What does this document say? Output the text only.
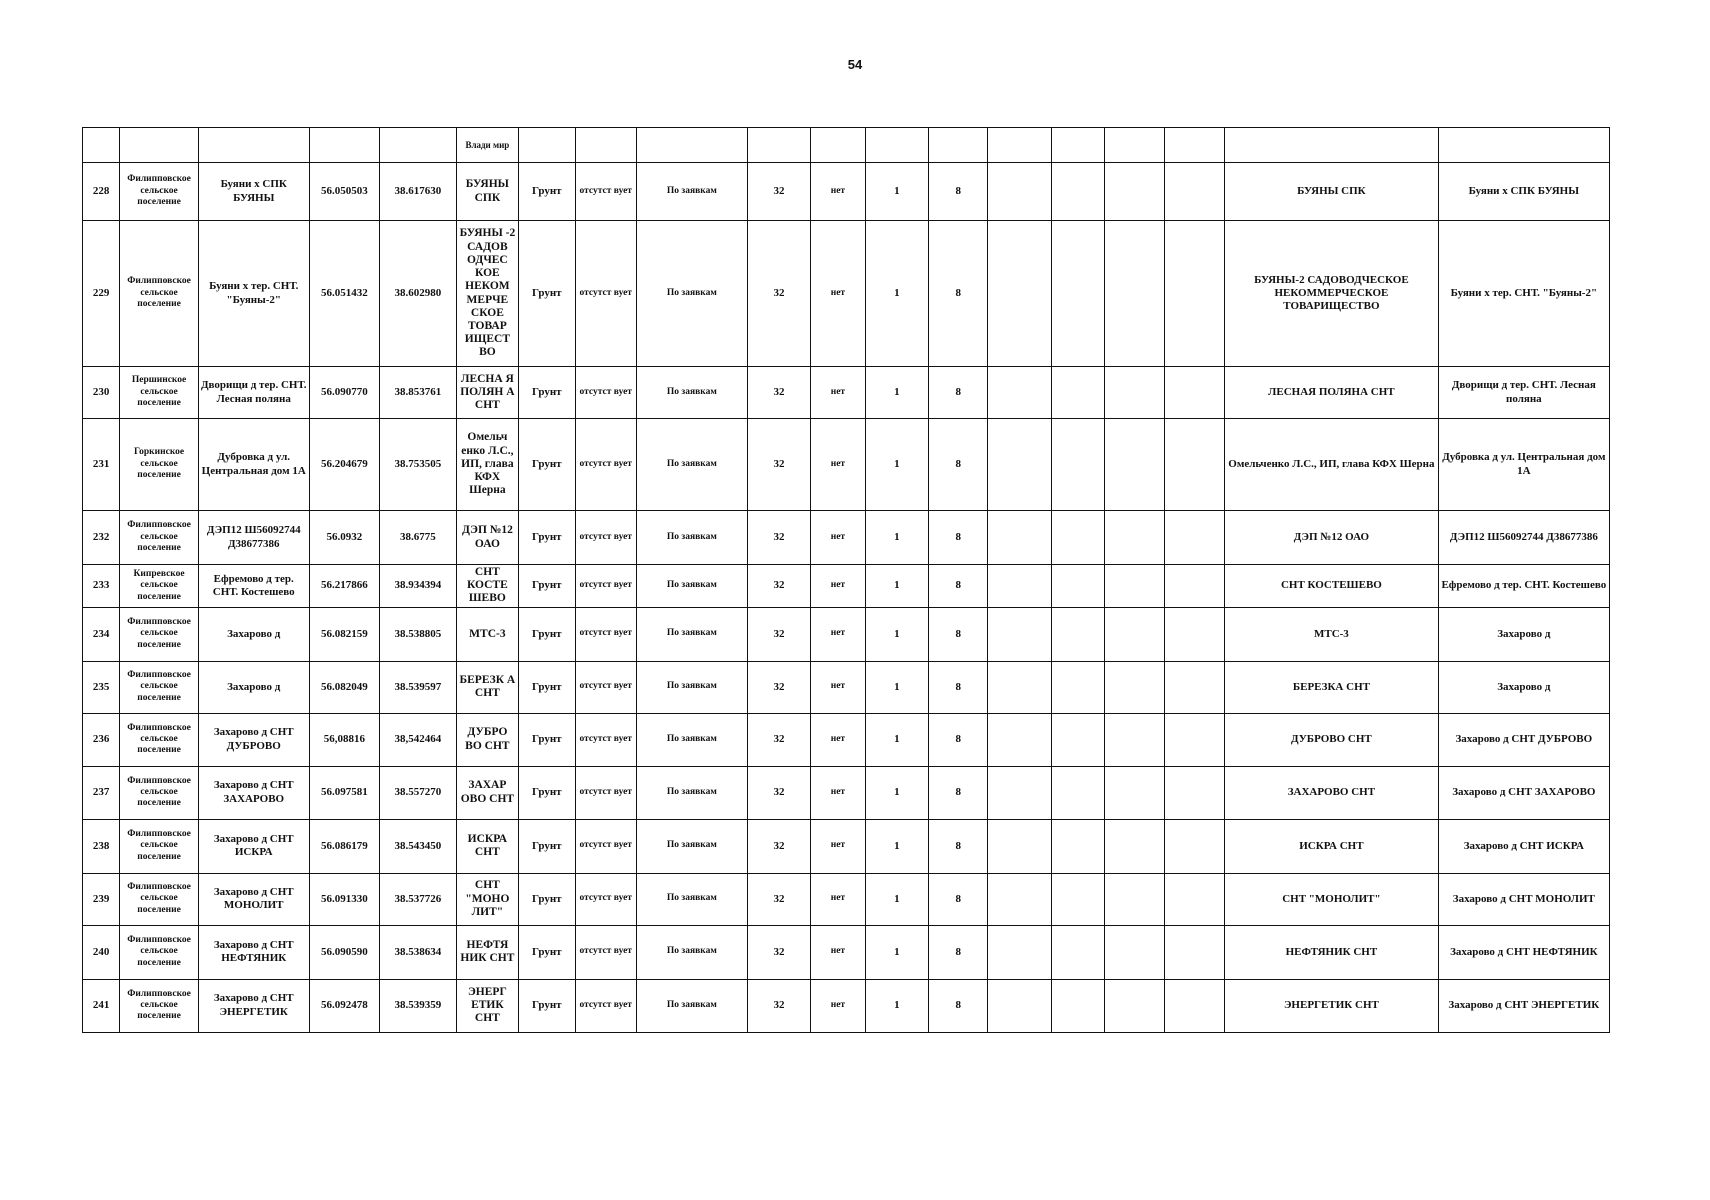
54
					Влади мир													
228	Филипповское сельское поселение	Буяни х СПК БУЯНЫ	56.050503	38.617630	БУЯНЫ СПК	Грунт	отсутст вует	По заявкам	32	нет	1	8					БУЯНЫ СПК	Буяни х СПК БУЯНЫ
229	Филипповское сельское поселение	Буяни х тер. СНТ. "Буяны-2"	56.051432	38.602980	БУЯНЫ -2 САДОВ ОДЧЕС КОЕ НЕКОМ МЕРЧЕ СКОЕ ТОВАР ИЩЕСТ ВО	Грунт	отсутст вует	По заявкам	32	нет	1	8					БУЯНЫ-2 САДОВОДЧЕСКОЕ НЕКОММЕРЧЕСКОЕ ТОВАРИЩЕСТВО	Буяни х тер. СНТ. "Буяны-2"
230	Першинское сельское поселение	Дворищи д тер. СНТ. Лесная поляна	56.090770	38.853761	ЛЕСНА Я ПОЛЯН А СНТ	Грунт	отсутст вует	По заявкам	32	нет	1	8					ЛЕСНАЯ ПОЛЯНА СНТ	Дворищи д тер. СНТ. Лесная поляна
231	Горкинское сельское поселение	Дубровка д ул. Центральная дом 1А	56.204679	38.753505	Омельч енко Л.С., ИП, глава КФХ Шерна	Грунт	отсутст вует	По заявкам	32	нет	1	8					Омельченко Л.С., ИП, глава КФХ Шерна	Дубровка д ул. Центральная дом 1А
232	Филипповское сельское поселение	ДЭП12 Ш56092744 Д38677386	56.0932	38.6775	ДЭП №12 ОАО	Грунт	отсутст вует	По заявкам	32	нет	1	8					ДЭП №12 ОАО	ДЭП12 Ш56092744 Д38677386
233	Кипревское сельское поселение	Ефремово д тер. СНТ. Костешево	56.217866	38.934394	СНТ КОСТЕ ШЕВО	Грунт	отсутст вует	По заявкам	32	нет	1	8					СНТ КОСТЕШЕВО	Ефремово д тер. СНТ. Костешево
234	Филипповское сельское поселение	Захарово д	56.082159	38.538805	МТС-3	Грунт	отсутст вует	По заявкам	32	нет	1	8					МТС-3	Захарово д
235	Филипповское сельское поселение	Захарово д	56.082049	38.539597	БЕРЕЗК А СНТ	Грунт	отсутст вует	По заявкам	32	нет	1	8					БЕРЕЗКА СНТ	Захарово д
236	Филипповское сельское поселение	Захарово д СНТ ДУБРОВО	56,08816	38,542464	ДУБРО ВО СНТ	Грунт	отсутст вует	По заявкам	32	нет	1	8					ДУБРОВО СНТ	Захарово д СНТ ДУБРОВО
237	Филипповское сельское поселение	Захарово д СНТ ЗАХАРОВО	56.097581	38.557270	ЗАХАР ОВО СНТ	Грунт	отсутст вует	По заявкам	32	нет	1	8					ЗАХАРОВО СНТ	Захарово д СНТ ЗАХАРОВО
238	Филипповское сельское поселение	Захарово д СНТ ИСКРА	56.086179	38.543450	ИСКРА СНТ	Грунт	отсутст вует	По заявкам	32	нет	1	8					ИСКРА СНТ	Захарово д СНТ ИСКРА
239	Филипповское сельское поселение	Захарово д СНТ МОНОЛИТ	56.091330	38.537726	СНТ "МОНО ЛИТ"	Грунт	отсутст вует	По заявкам	32	нет	1	8					СНТ "МОНОЛИТ"	Захарово д СНТ МОНОЛИТ
240	Филипповское сельское поселение	Захарово д СНТ НЕФТЯНИК	56.090590	38.538634	НЕФТЯ НИК СНТ	Грунт	отсутст вует	По заявкам	32	нет	1	8					НЕФТЯНИК СНТ	Захарово д СНТ НЕФТЯНИК
241	Филипповское сельское поселение	Захарово д СНТ ЭНЕРГЕТИК	56.092478	38.539359	ЭНЕРГ ЕТИК СНТ	Грунт	отсутст вует	По заявкам	32	нет	1	8					ЭНЕРГЕТИК СНТ	Захарово д СНТ ЭНЕРГЕТИК
